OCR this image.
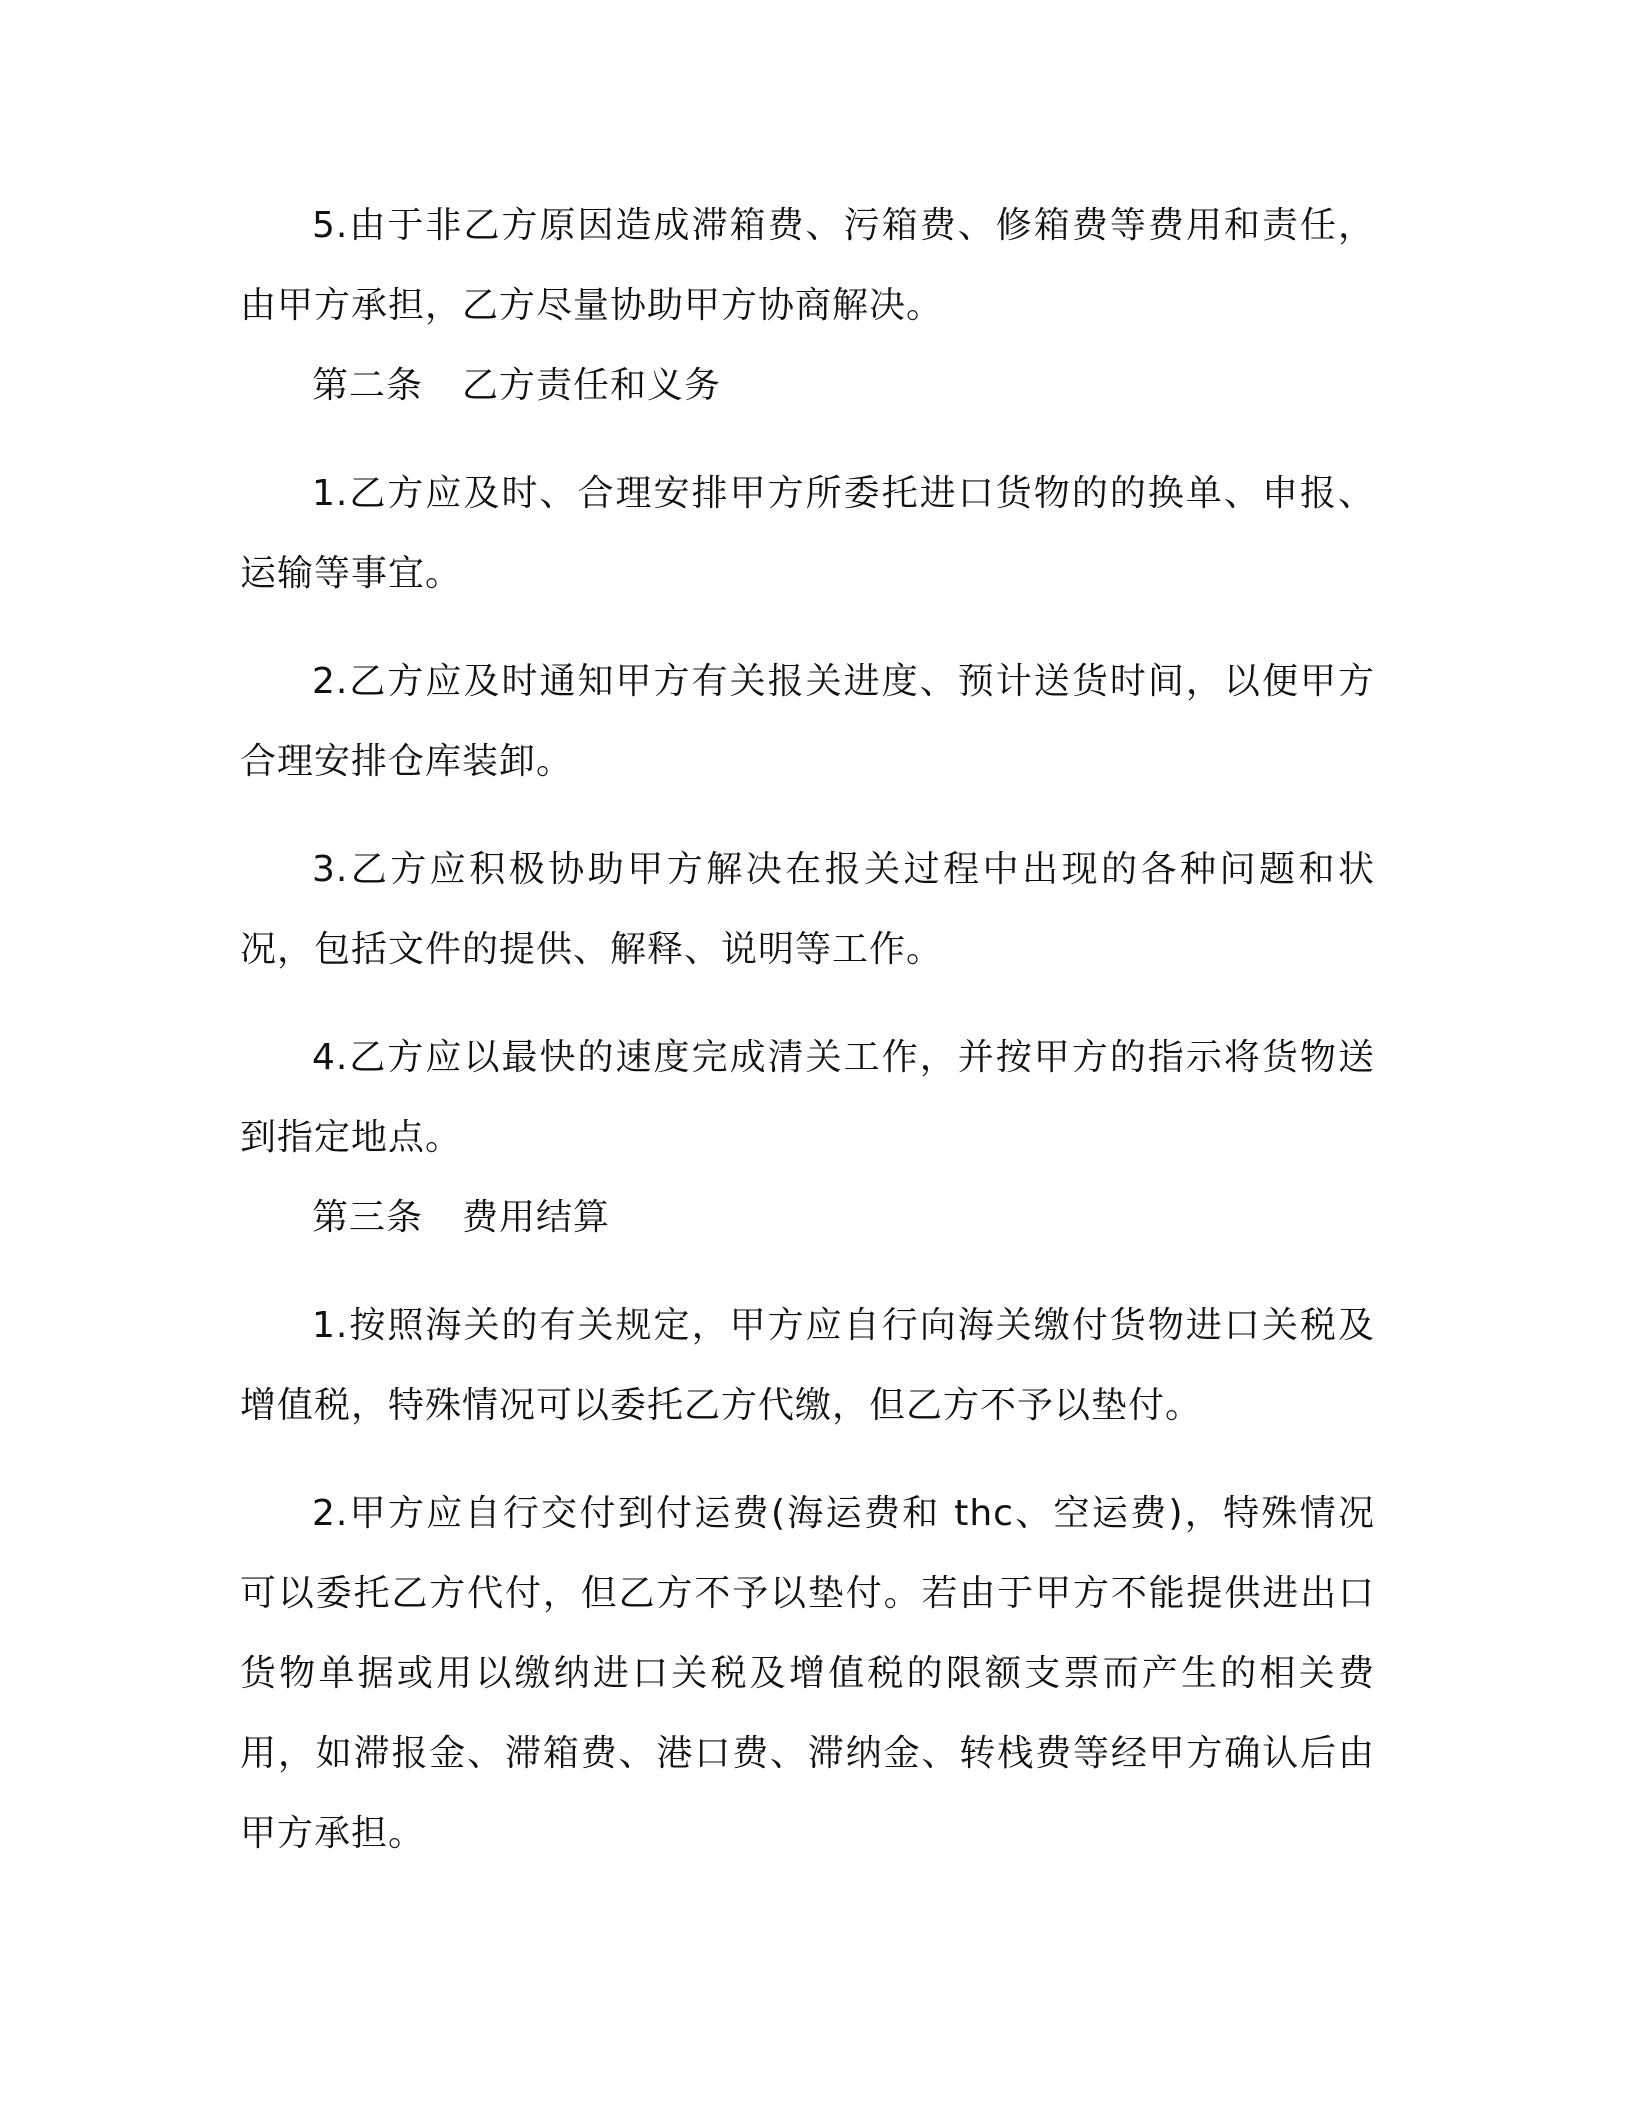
5.由于非乙方原因造成滞箱费、污箱费、修箱费等费用和责任，由甲方承担，乙方尽量协助甲方协商解决。

第二条 乙方责任和义务

1.乙方应及时、合理安排甲方所委托进口货物的的换单、申报、运输等事宜。

2.乙方应及时通知甲方有关报关进度、预计送货时间，以便甲方合理安排仓库装卸。

3.乙方应积极协助甲方解决在报关过程中出现的各种问题和状况，包括文件的提供、解释、说明等工作。

4.乙方应以最快的速度完成清关工作，并按甲方的指示将货物送到指定地点。

第三条 费用结算

1.按照海关的有关规定，甲方应自行向海关缴付货物进口关税及增值税，特殊情况可以委托乙方代缴，但乙方不予以垫付。

2.甲方应自行交付到付运费(海运费和 thc、空运费)，特殊情况可以委托乙方代付，但乙方不予以垫付。若由于甲方不能提供进出口货物单据或用以缴纳进口关税及增值税的限额支票而产生的相关费用，如滞报金、滞箱费、港口费、滞纳金、转栈费等经甲方确认后由甲方承担。
